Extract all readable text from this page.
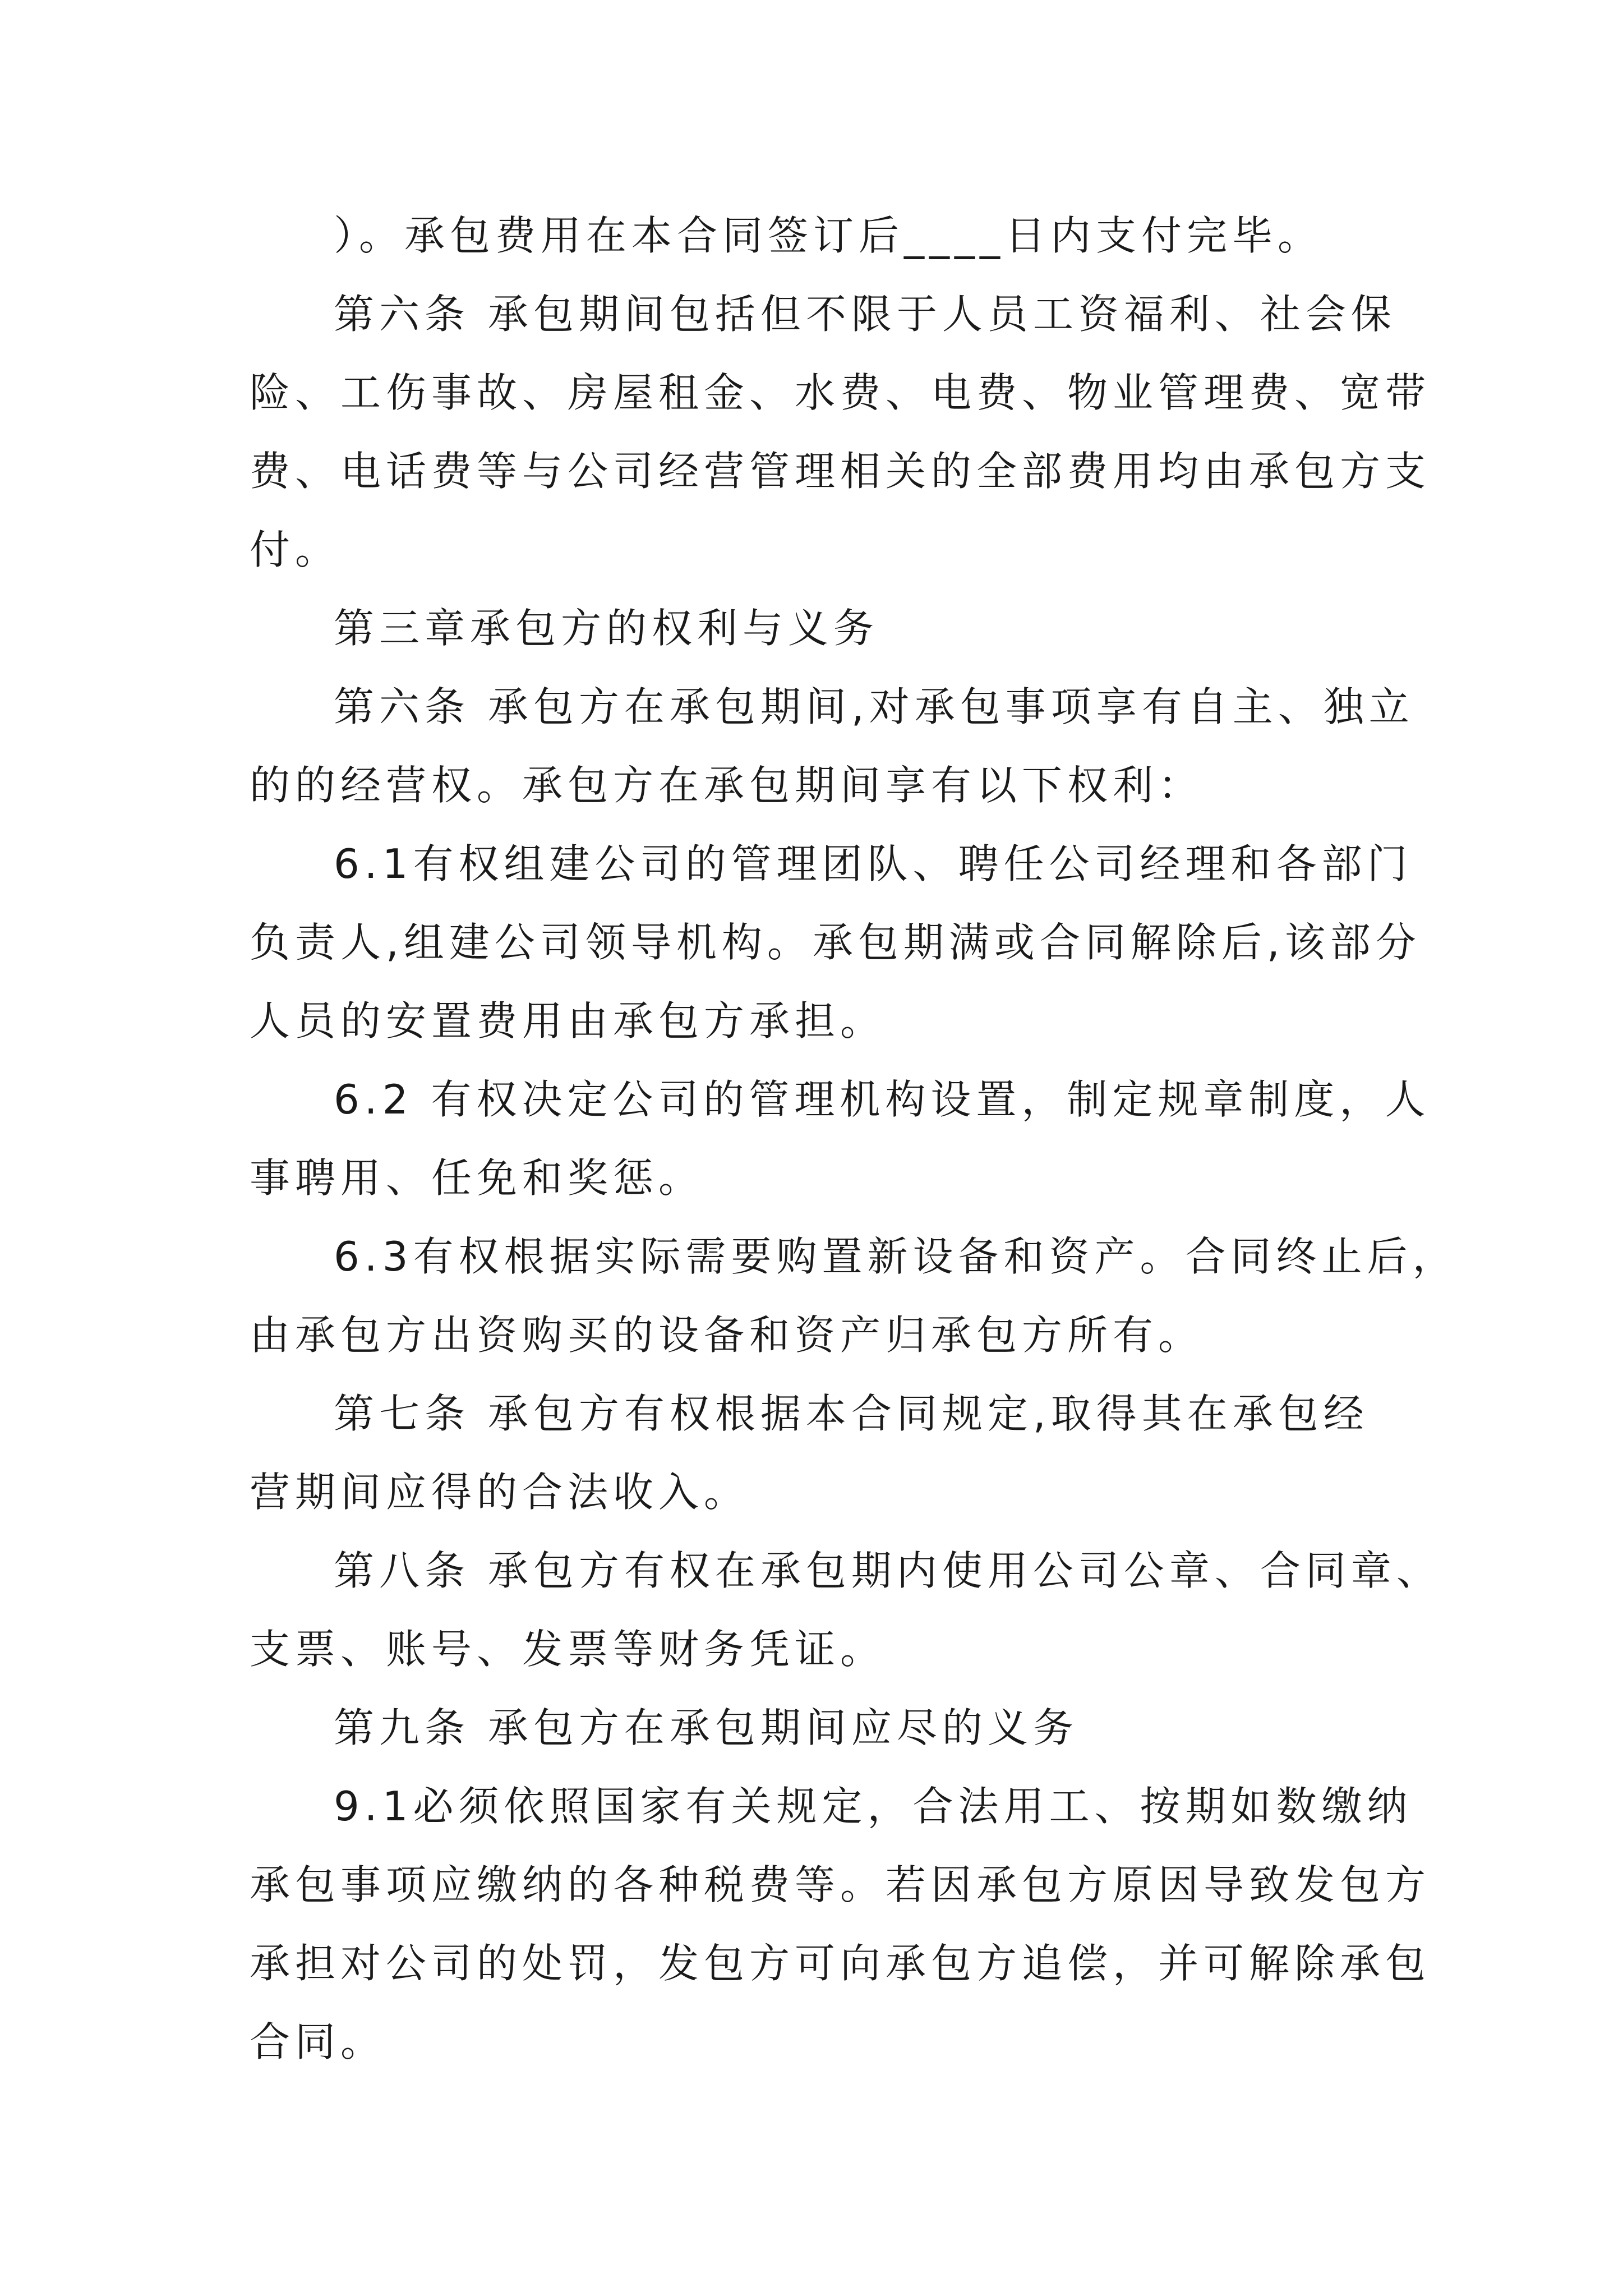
）。承包费用在本合同签订后____日内支付完毕。
第六条 承包期间包括但不限于人员工资福利、社会保
险、工伤事故、房屋租金、水费、电费、物业管理费、宽带
费、电话费等与公司经营管理相关的全部费用均由承包方支
付。
第三章承包方的权利与义务
第六条 承包方在承包期间,对承包事项享有自主、独立
的的经营权。承包方在承包期间享有以下权利：
6.1有权组建公司的管理团队、聘任公司经理和各部门
负责人,组建公司领导机构。承包期满或合同解除后,该部分
人员的安置费用由承包方承担。
6.2 有权决定公司的管理机构设置，制定规章制度，人
事聘用、任免和奖惩。
6.3有权根据实际需要购置新设备和资产。合同终止后，
由承包方出资购买的设备和资产归承包方所有。
第七条 承包方有权根据本合同规定,取得其在承包经
营期间应得的合法收入。
第八条 承包方有权在承包期内使用公司公章、合同章、
支票、账号、发票等财务凭证。
第九条 承包方在承包期间应尽的义务
9.1必须依照国家有关规定，合法用工、按期如数缴纳
承包事项应缴纳的各种税费等。若因承包方原因导致发包方
承担对公司的处罚，发包方可向承包方追偿，并可解除承包
合同。
